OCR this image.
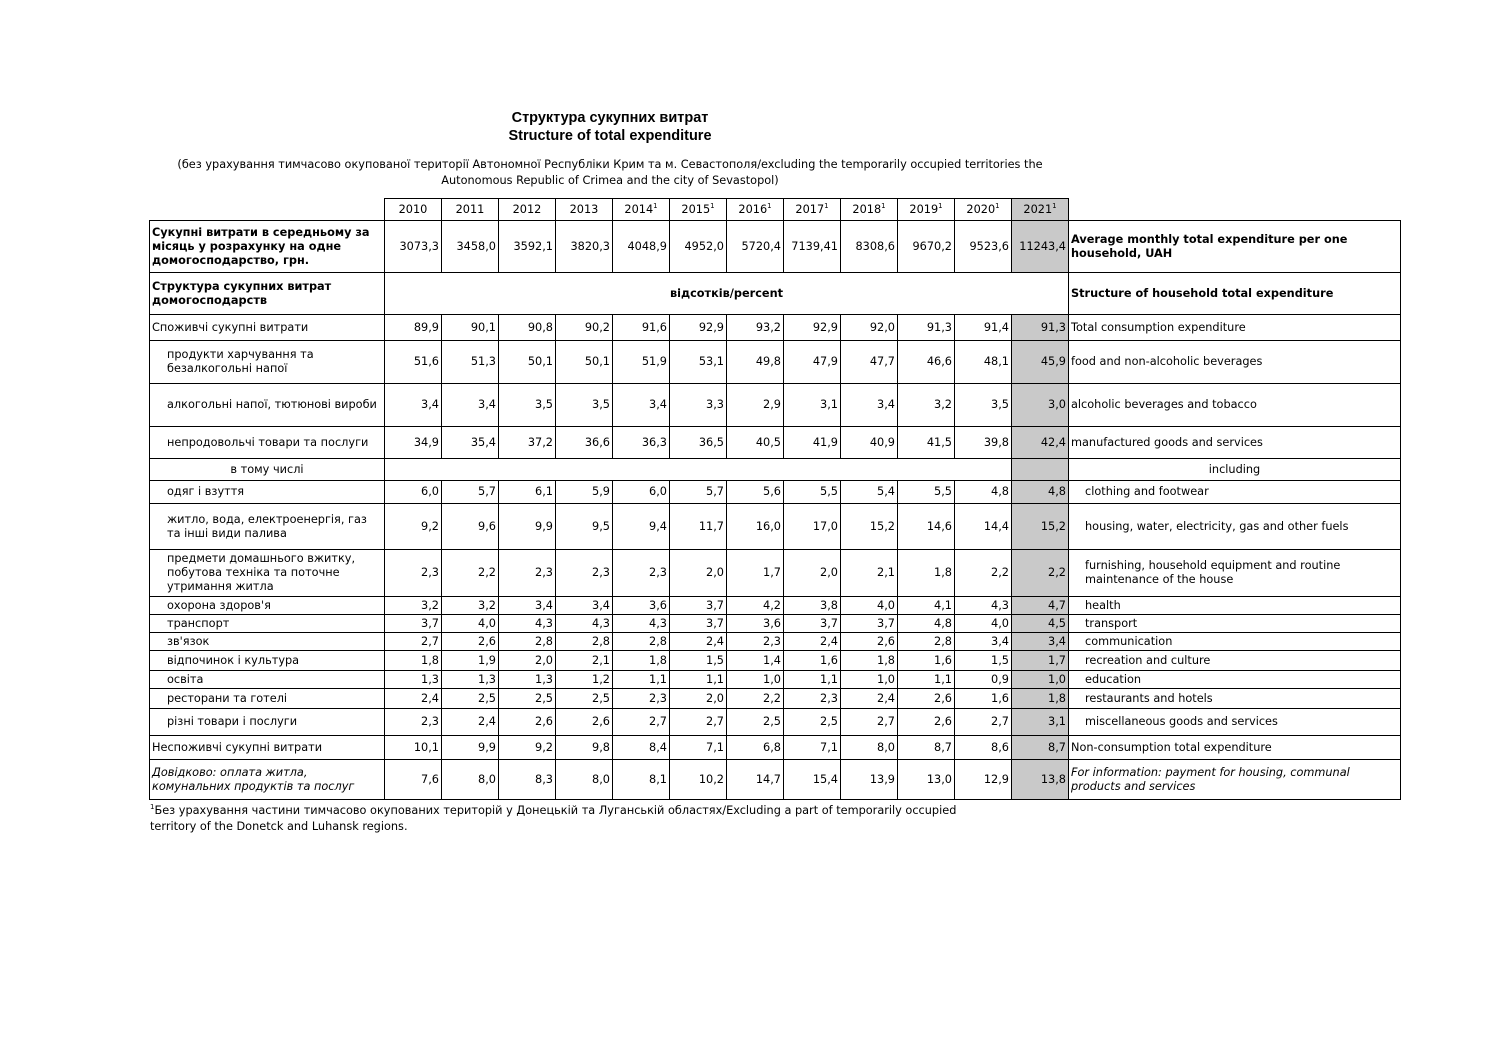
Структура сукупних витрат
Structure of total expenditure
(без урахування тимчасово окупованої території Автономної Республіки Крим та м. Севастополя/excluding the temporarily occupied territories the
Autonomous Republic of Crimea and the city of Sevastopol)
	2010	2011	2012	2013	2014$^1$	2015$^1$	2016$^1$	2017$^1$	2018$^1$	2019$^1$	2020$^1$	2021$^1$	
Сукупні витрати в середньому за місяць у розрахунку на одне домогосподарство, грн.	3073,3	3458,0	3592,1	3820,3	4048,9	4952,0	5720,4	7139,41	8308,6	9670,2	9523,6	11243,4	Average monthly total expenditure per one household, UAH
Структура сукупних витрат домогосподарств	відсотків/percent												Structure of household total expenditure
Споживчі сукупні витрати	89,9	90,1	90,8	90,2	91,6	92,9	93,2	92,9	92,0	91,3	91,4	91,3	Total consumption expenditure
продукти харчування та безалкогольні напої	51,6	51,3	50,1	50,1	51,9	53,1	49,8	47,9	47,7	46,6	48,1	45,9	food and non-alcoholic beverages
алкогольні напої, тютюнові вироби	3,4	3,4	3,5	3,5	3,4	3,3	2,9	3,1	3,4	3,2	3,5	3,0	alcoholic beverages and tobacco
непродовольчі товари та послуги	34,9	35,4	37,2	36,6	36,3	36,5	40,5	41,9	40,9	41,5	39,8	42,4	manufactured goods and services
в тому числі													including
одяг і взуття	6,0	5,7	6,1	5,9	6,0	5,7	5,6	5,5	5,4	5,5	4,8	4,8	clothing and footwear
житло, вода, електроенергія, газ та інші види палива	9,2	9,6	9,9	9,5	9,4	11,7	16,0	17,0	15,2	14,6	14,4	15,2	housing, water, electricity, gas and other fuels
предмети домашнього вжитку, побутова техніка та поточне утримання житла	2,3	2,2	2,3	2,3	2,3	2,0	1,7	2,0	2,1	1,8	2,2	2,2	furnishing, household equipment and routine maintenance of the house
охорона здоров'я	3,2	3,2	3,4	3,4	3,6	3,7	4,2	3,8	4,0	4,1	4,3	4,7	health
транспорт	3,7	4,0	4,3	4,3	4,3	3,7	3,6	3,7	3,7	4,8	4,0	4,5	transport
зв'язок	2,7	2,6	2,8	2,8	2,8	2,4	2,3	2,4	2,6	2,8	3,4	3,4	communication
відпочинок і культура	1,8	1,9	2,0	2,1	1,8	1,5	1,4	1,6	1,8	1,6	1,5	1,7	recreation and culture
освіта	1,3	1,3	1,3	1,2	1,1	1,1	1,0	1,1	1,0	1,1	0,9	1,0	education
ресторани та готелі	2,4	2,5	2,5	2,5	2,3	2,0	2,2	2,3	2,4	2,6	1,6	1,8	restaurants and hotels
різні товари і послуги	2,3	2,4	2,6	2,6	2,7	2,7	2,5	2,5	2,7	2,6	2,7	3,1	miscellaneous goods and services
Неспоживчі сукупні витрати	10,1	9,9	9,2	9,8	8,4	7,1	6,8	7,1	8,0	8,7	8,6	8,7	Non-consumption total expenditure
Довідково: оплата житла, комунальних продуктів та послуг	7,6	8,0	8,3	8,0	8,1	10,2	14,7	15,4	13,9	13,0	12,9	13,8	For information: payment for housing, communal products and services
$^1$Без урахування частини тимчасово окупованих територій у Донецькій та Луганській областях/Excluding a part of temporarily occupied
territory of the Donetck and Luhansk regions.
